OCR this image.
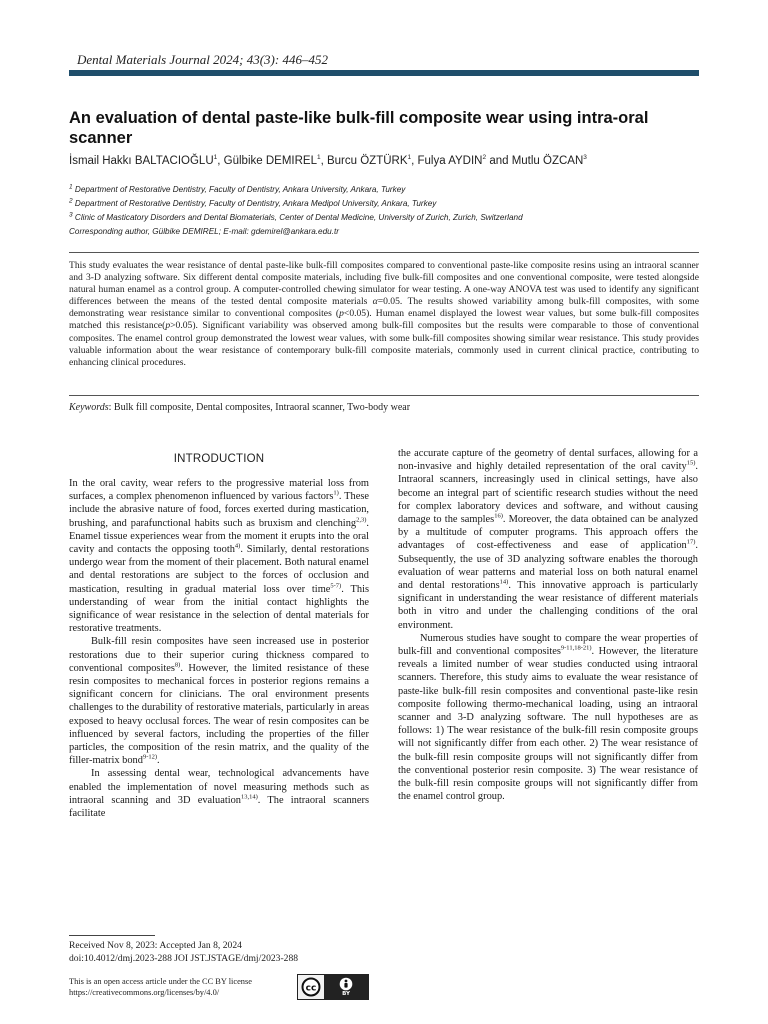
Dental Materials Journal 2024; 43(3): 446–452
An evaluation of dental paste-like bulk-fill composite wear using intra-oral scanner
İsmail Hakkı BALTACIOĞLU$^1$, Gülbike DEMIREL$^1$, Burcu ÖZTÜRK$^1$, Fulya AYDIN$^2$ and Mutlu ÖZCAN$^3$
$^1$ Department of Restorative Dentistry, Faculty of Dentistry, Ankara University, Ankara, Turkey
$^2$ Department of Restorative Dentistry, Faculty of Dentistry, Ankara Medipol University, Ankara, Turkey
$^3$ Clinic of Masticatory Disorders and Dental Biomaterials, Center of Dental Medicine, University of Zurich, Zurich, Switzerland
Corresponding author, Gülbike DEMIREL; E-mail: gdemirel@ankara.edu.tr
This study evaluates the wear resistance of dental paste-like bulk-fill composites compared to conventional paste-like composite resins using an intraoral scanner and 3-D analyzing software. Six different dental composite materials, including five bulk-fill composites and one conventional composite, were tested alongside natural human enamel as a control group. A computer-controlled chewing simulator for wear testing. A one-way ANOVA test was used to identify any significant differences between the means of the tested dental composite materials α=0.05. The results showed variability among bulk-fill composites, with some demonstrating wear resistance similar to conventional composites (p<0.05). Human enamel displayed the lowest wear values, but some bulk-fill composites matched this resistance(p>0.05). Significant variability was observed among bulk-fill composites but the results were comparable to those of conventional composites. The enamel control group demonstrated the lowest wear values, with some bulk-fill composites showing similar wear resistance. This study provides valuable information about the wear resistance of contemporary bulk-fill composite materials, commonly used in current clinical practice, contributing to enhancing clinical procedures.
Keywords: Bulk fill composite, Dental composites, Intraoral scanner, Two-body wear
INTRODUCTION

In the oral cavity, wear refers to the progressive material loss from surfaces, a complex phenomenon influenced by various factors$^{1)}$. These include the abrasive nature of food, forces exerted during mastication, brushing, and parafunctional habits such as bruxism and clenching$^{2,3)}$. Enamel tissue experiences wear from the moment it erupts into the oral cavity and contacts the opposing tooth$^{4)}$. Similarly, dental restorations undergo wear from the moment of their placement. Both natural enamel and dental restorations are subject to the forces of occlusion and mastication, resulting in gradual material loss over time$^{5-7)}$. This understanding of wear from the initial contact highlights the significance of wear resistance in the selection of dental materials for restorative treatments.

Bulk-fill resin composites have seen increased use in posterior restorations due to their superior curing thickness compared to conventional composites$^{8)}$. However, the limited resistance of these resin composites to mechanical forces in posterior regions remains a significant concern for clinicians. The oral environment presents challenges to the durability of restorative materials, particularly in areas exposed to heavy occlusal forces. The wear of resin composites can be influenced by several factors, including the properties of the filler particles, the composition of the resin matrix, and the quality of the filler-matrix bond$^{9-12)}$.

In assessing dental wear, technological advancements have enabled the implementation of novel measuring methods such as intraoral scanning and 3D evaluation$^{13,14)}$. The intraoral scanners facilitate

the accurate capture of the geometry of dental surfaces, allowing for a non-invasive and highly detailed representation of the oral cavity$^{15)}$. Intraoral scanners, increasingly used in clinical settings, have also become an integral part of scientific research studies without the need for complex laboratory devices and software, and without causing damage to the samples$^{16)}$. Moreover, the data obtained can be analyzed by a multitude of computer programs. This approach offers the advantages of cost-effectiveness and ease of application$^{17)}$. Subsequently, the use of 3D analyzing software enables the thorough evaluation of wear patterns and material loss on both natural enamel and dental restorations$^{14)}$. This innovative approach is particularly significant in understanding the wear resistance of different materials both in vitro and under the challenging conditions of the oral environment.

Numerous studies have sought to compare the wear properties of bulk-fill and conventional composites$^{9-11,18-21)}$. However, the literature reveals a limited number of wear studies conducted using intraoral scanners. Therefore, this study aims to evaluate the wear resistance of paste-like bulk-fill resin composites and conventional paste-like resin composite following thermo-mechanical loading, using an intraoral scanner and 3-D analyzing software. The null hypotheses are as follows: 1) The wear resistance of the bulk-fill resin composite groups will not significantly differ from each other. 2) The wear resistance of the bulk-fill resin composite groups will not significantly differ from the conventional posterior resin composite. 3) The wear resistance of the bulk-fill resin composite groups will not significantly differ from the enamel control group.

Received Nov 8, 2023: Accepted Jan 8, 2024
doi:10.4012/dmj.2023-288 JOI JST.JSTAGE/dmj/2023-288
This is an open access article under the CC BY license
https://creativecommons.org/licenses/by/4.0/	cc
BY
